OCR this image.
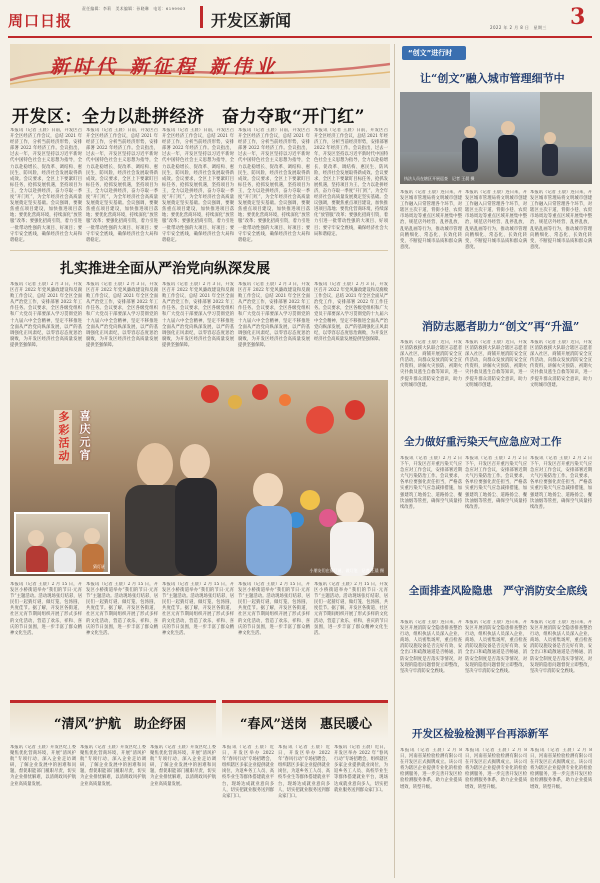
周口日报
责任编辑：李莉　美术编辑：孙晓琳　电话：6199903
开发区新闻	2022 年 2 月 8 日　星期三	3
新时代 新征程 新伟业
开发区：全力以赴拼经济　奋力夺取“开门红”
本报讯（记者 王晨）日前，开发区召开全区经济工作会议，总结 2021 年经济工作，分析当前经济形势，安排部署 2022 年经济工作。会议指出，过去一年，开发区坚持以习近平新时代中国特色社会主义思想为指导，全力以赴稳增长、促改革、调结构、惠民生、防风险，经济社会发展取得新成效。会议要求，全区上下要紧盯目标任务，抢抓发展机遇，坚持项目为王，全力以赴拼经济，奋力夺取一季度“开门红”，为全年经济社会高质量发展奠定坚实基础。会议强调，要聚焦重点项目建设，加快推进项目落地；要优化营商环境，持续深化“放管服”改革；要强化招商引资，着力引进一批带动性强的大项目、好项目；要守牢安全底线，确保经济社会大局和谐稳定。
本报讯（记者 王晨）日前，开发区召开全区经济工作会议，总结 2021 年经济工作，分析当前经济形势，安排部署 2022 年经济工作。会议指出，过去一年，开发区坚持以习近平新时代中国特色社会主义思想为指导，全力以赴稳增长、促改革、调结构、惠民生、防风险，经济社会发展取得新成效。会议要求，全区上下要紧盯目标任务，抢抓发展机遇，坚持项目为王，全力以赴拼经济，奋力夺取一季度“开门红”，为全年经济社会高质量发展奠定坚实基础。会议强调，要聚焦重点项目建设，加快推进项目落地；要优化营商环境，持续深化“放管服”改革；要强化招商引资，着力引进一批带动性强的大项目、好项目；要守牢安全底线，确保经济社会大局和谐稳定。
本报讯（记者 王晨）日前，开发区召开全区经济工作会议，总结 2021 年经济工作，分析当前经济形势，安排部署 2022 年经济工作。会议指出，过去一年，开发区坚持以习近平新时代中国特色社会主义思想为指导，全力以赴稳增长、促改革、调结构、惠民生、防风险，经济社会发展取得新成效。会议要求，全区上下要紧盯目标任务，抢抓发展机遇，坚持项目为王，全力以赴拼经济，奋力夺取一季度“开门红”，为全年经济社会高质量发展奠定坚实基础。会议强调，要聚焦重点项目建设，加快推进项目落地；要优化营商环境，持续深化“放管服”改革；要强化招商引资，着力引进一批带动性强的大项目、好项目；要守牢安全底线，确保经济社会大局和谐稳定。
本报讯（记者 王晨）日前，开发区召开全区经济工作会议，总结 2021 年经济工作，分析当前经济形势，安排部署 2022 年经济工作。会议指出，过去一年，开发区坚持以习近平新时代中国特色社会主义思想为指导，全力以赴稳增长、促改革、调结构、惠民生、防风险，经济社会发展取得新成效。会议要求，全区上下要紧盯目标任务，抢抓发展机遇，坚持项目为王，全力以赴拼经济，奋力夺取一季度“开门红”，为全年经济社会高质量发展奠定坚实基础。会议强调，要聚焦重点项目建设，加快推进项目落地；要优化营商环境，持续深化“放管服”改革；要强化招商引资，着力引进一批带动性强的大项目、好项目；要守牢安全底线，确保经济社会大局和谐稳定。
本报讯（记者 王晨）日前，开发区召开全区经济工作会议，总结 2021 年经济工作，分析当前经济形势，安排部署 2022 年经济工作。会议指出，过去一年，开发区坚持以习近平新时代中国特色社会主义思想为指导，全力以赴稳增长、促改革、调结构、惠民生、防风险，经济社会发展取得新成效。会议要求，全区上下要紧盯目标任务，抢抓发展机遇，坚持项目为王，全力以赴拼经济，奋力夺取一季度“开门红”，为全年经济社会高质量发展奠定坚实基础。会议强调，要聚焦重点项目建设，加快推进项目落地；要优化营商环境，持续深化“放管服”改革；要强化招商引资，着力引进一批带动性强的大项目、好项目；要守牢安全底线，确保经济社会大局和谐稳定。
扎实推进全面从严治党向纵深发展
本报讯（记者 王晨）2 月 3 日，开发区召开 2022 年党风廉政建设和反腐败工作会议，总结 2021 年全区全面从严治党工作，安排部署 2022 年工作任务。会议要求，全区各级党组织和广大党员干部要深入学习贯彻党的十九届六中全会精神，坚定不移推进全面从严治党向纵深发展，以严的基调强化正风肃纪，以零容忍态度惩治腐败，为开发区经济社会高质量发展提供坚强保障。
本报讯（记者 王晨）2 月 3 日，开发区召开 2022 年党风廉政建设和反腐败工作会议，总结 2021 年全区全面从严治党工作，安排部署 2022 年工作任务。会议要求，全区各级党组织和广大党员干部要深入学习贯彻党的十九届六中全会精神，坚定不移推进全面从严治党向纵深发展，以严的基调强化正风肃纪，以零容忍态度惩治腐败，为开发区经济社会高质量发展提供坚强保障。
本报讯（记者 王晨）2 月 3 日，开发区召开 2022 年党风廉政建设和反腐败工作会议，总结 2021 年全区全面从严治党工作，安排部署 2022 年工作任务。会议要求，全区各级党组织和广大党员干部要深入学习贯彻党的十九届六中全会精神，坚定不移推进全面从严治党向纵深发展，以严的基调强化正风肃纪，以零容忍态度惩治腐败，为开发区经济社会高质量发展提供坚强保障。
本报讯（记者 王晨）2 月 3 日，开发区召开 2022 年党风廉政建设和反腐败工作会议，总结 2021 年全区全面从严治党工作，安排部署 2022 年工作任务。会议要求，全区各级党组织和广大党员干部要深入学习贯彻党的十九届六中全会精神，坚定不移推进全面从严治党向纵深发展，以严的基调强化正风肃纪，以零容忍态度惩治腐败，为开发区经济社会高质量发展提供坚强保障。
本报讯（记者 王晨）2 月 3 日，开发区召开 2022 年党风廉政建设和反腐败工作会议，总结 2021 年全区全面从严治党工作，安排部署 2022 年工作任务。会议要求，全区各级党组织和广大党员干部要深入学习贯彻党的十九届六中全会精神，坚定不移推进全面从严治党向纵深发展，以严的基调强化正风肃纪，以零容忍态度惩治腐败，为开发区经济社会高质量发展提供坚强保障。
猜灯谜
喜庆元宵
多彩活动
小朋友们在猜灯谜、做灯笼　记者 王晨 摄
本报讯（记者 王晨）2 月 15 日，开发区小桥街道举办“我们的节日·元宵节”主题活动。活动现场张灯结彩，居民们一起猜灯谜、做灯笼、包汤圆，共度佳节。据了解，开发区各街道、社区元宵节期间组织开展了形式多样的文化活动，营造了欢乐、祥和、喜庆的节日氛围，进一步丰富了群众精神文化生活。
本报讯（记者 王晨）2 月 15 日，开发区小桥街道举办“我们的节日·元宵节”主题活动。活动现场张灯结彩，居民们一起猜灯谜、做灯笼、包汤圆，共度佳节。据了解，开发区各街道、社区元宵节期间组织开展了形式多样的文化活动，营造了欢乐、祥和、喜庆的节日氛围，进一步丰富了群众精神文化生活。
本报讯（记者 王晨）2 月 15 日，开发区小桥街道举办“我们的节日·元宵节”主题活动。活动现场张灯结彩，居民们一起猜灯谜、做灯笼、包汤圆，共度佳节。据了解，开发区各街道、社区元宵节期间组织开展了形式多样的文化活动，营造了欢乐、祥和、喜庆的节日氛围，进一步丰富了群众精神文化生活。
本报讯（记者 王晨）2 月 15 日，开发区小桥街道举办“我们的节日·元宵节”主题活动。活动现场张灯结彩，居民们一起猜灯谜、做灯笼、包汤圆，共度佳节。据了解，开发区各街道、社区元宵节期间组织开展了形式多样的文化活动，营造了欢乐、祥和、喜庆的节日氛围，进一步丰富了群众精神文化生活。
本报讯（记者 王晨）2 月 15 日，开发区小桥街道举办“我们的节日·元宵节”主题活动。活动现场张灯结彩，居民们一起猜灯谜、做灯笼、包汤圆，共度佳节。据了解，开发区各街道、社区元宵节期间组织开展了形式多样的文化活动，营造了欢乐、祥和、喜庆的节日氛围，进一步丰富了群众精神文化生活。
“清风”护航　助企纾困
本报讯（记者 王晨）开发区纪工委聚焦优化营商环境，开展“清风护航”专项行动，深入企业走访调研，了解企业发展中的困难和问题，督促职能部门履职尽责，切实为企业排忧解难，以清朗政风护航企业高质量发展。
本报讯（记者 王晨）开发区纪工委聚焦优化营商环境，开展“清风护航”专项行动，深入企业走访调研，了解企业发展中的困难和问题，督促职能部门履职尽责，切实为企业排忧解难，以清朗政风护航企业高质量发展。
本报讯（记者 王晨）开发区纪工委聚焦优化营商环境，开展“清风护航”专项行动，深入企业走访调研，了解企业发展中的困难和问题，督促职能部门履职尽责，切实为企业排忧解难，以清朗政风护航企业高质量发展。
“春风”送岗　惠民暖心
本报讯（记者 王晨）近日，开发区举办 2022 年“春风行动”专场招聘会，组织辖区多家企业提供就业岗位，为返乡务工人员、高校毕业生等群体搭建就业平台，现场达成就业意向多人，切实把就业服务送到群众家门口。
本报讯（记者 王晨）近日，开发区举办 2022 年“春风行动”专场招聘会，组织辖区多家企业提供就业岗位，为返乡务工人员、高校毕业生等群体搭建就业平台，现场达成就业意向多人，切实把就业服务送到群众家门口。
本报讯（记者 王晨）近日，开发区举办 2022 年“春风行动”专场招聘会，组织辖区多家企业提供就业岗位，为返乡务工人员、高校毕业生等群体搭建就业平台，现场达成就业意向多人，切实把就业服务送到群众家门口。
“创文”进行时
让“创文”融入城市管理细节中
执法人员在辖区开展巡查　记者 王晨 摄
本报讯（记者 王晨）连日来，开发区城市管理局将文明城市创建工作融入日常管理各个环节，对辖区主次干道、背街小巷、农贸市场周边等重点区域开展集中整治，规范店外经营、乱停乱放、乱贴乱画等行为，推动城市管理向精细化、常态化、长效化转变，不断提升城市品质和群众满意度。
本报讯（记者 王晨）连日来，开发区城市管理局将文明城市创建工作融入日常管理各个环节，对辖区主次干道、背街小巷、农贸市场周边等重点区域开展集中整治，规范店外经营、乱停乱放、乱贴乱画等行为，推动城市管理向精细化、常态化、长效化转变，不断提升城市品质和群众满意度。
本报讯（记者 王晨）连日来，开发区城市管理局将文明城市创建工作融入日常管理各个环节，对辖区主次干道、背街小巷、农贸市场周边等重点区域开展集中整治，规范店外经营、乱停乱放、乱贴乱画等行为，推动城市管理向精细化、常态化、长效化转变，不断提升城市品质和群众满意度。
消防志愿者助力“创文”再“升温”
本报讯（记者 王晨）近日，开发区消防救援大队联合辖区志愿者深入社区、商铺开展消防安全宣传活动，向群众发放消防安全宣传资料，讲解火灾预防、初期火灾扑救及逃生自救等知识，进一步提升群众消防安全意识，助力文明城市创建。
本报讯（记者 王晨）近日，开发区消防救援大队联合辖区志愿者深入社区、商铺开展消防安全宣传活动，向群众发放消防安全宣传资料，讲解火灾预防、初期火灾扑救及逃生自救等知识，进一步提升群众消防安全意识，助力文明城市创建。
本报讯（记者 王晨）近日，开发区消防救援大队联合辖区志愿者深入社区、商铺开展消防安全宣传活动，向群众发放消防安全宣传资料，讲解火灾预防、初期火灾扑救及逃生自救等知识，进一步提升群众消防安全意识，助力文明城市创建。
全力做好重污染天气应急应对工作
本报讯（记者 王晨）2 月 2 日下午，开发区召开重污染天气应急应对工作会议，安排部署近期大气污染防治工作。会议要求，各单位要强化责任担当，严格落实重污染天气应急减排措施，加强建筑工地扬尘、道路扬尘、餐饮油烟等管控，确保空气质量持续改善。
本报讯（记者 王晨）2 月 2 日下午，开发区召开重污染天气应急应对工作会议，安排部署近期大气污染防治工作。会议要求，各单位要强化责任担当，严格落实重污染天气应急减排措施，加强建筑工地扬尘、道路扬尘、餐饮油烟等管控，确保空气质量持续改善。
本报讯（记者 王晨）2 月 2 日下午，开发区召开重污染天气应急应对工作会议，安排部署近期大气污染防治工作。会议要求，各单位要强化责任担当，严格落实重污染天气应急减排措施，加强建筑工地扬尘、道路扬尘、餐饮油烟等管控，确保空气质量持续改善。
全面排查风险隐患　严守消防安全底线
本报讯（记者 王晨）连日来，开发区开展消防安全隐患排查整治行动，组织执法人员深入企业、商场、人员密集场所，重点检查消防设施设备是否完好有效、安全出口和疏散通道是否畅通、消防安全制度是否落实等情况，对发现的隐患问题督促立即整改，坚决守牢消防安全底线。
本报讯（记者 王晨）连日来，开发区开展消防安全隐患排查整治行动，组织执法人员深入企业、商场、人员密集场所，重点检查消防设施设备是否完好有效、安全出口和疏散通道是否畅通、消防安全制度是否落实等情况，对发现的隐患问题督促立即整改，坚决守牢消防安全底线。
本报讯（记者 王晨）连日来，开发区开展消防安全隐患排查整治行动，组织执法人员深入企业、商场、人员密集场所，重点检查消防设施设备是否完好有效、安全出口和疏散通道是否畅通、消防安全制度是否落实等情况，对发现的隐患问题督促立即整改，坚决守牢消防安全底线。
开发区检验检测平台再添新军
本报讯（记者 王晨）2 月 8 日，河南省某检验检测有限公司在开发区正式揭牌成立。该公司将为辖区企业提供专业化的检验检测服务，进一步完善开发区检验检测服务体系，助力企业提质增效、转型升级。
本报讯（记者 王晨）2 月 8 日，河南省某检验检测有限公司在开发区正式揭牌成立。该公司将为辖区企业提供专业化的检验检测服务，进一步完善开发区检验检测服务体系，助力企业提质增效、转型升级。
本报讯（记者 王晨）2 月 8 日，河南省某检验检测有限公司在开发区正式揭牌成立。该公司将为辖区企业提供专业化的检验检测服务，进一步完善开发区检验检测服务体系，助力企业提质增效、转型升级。
